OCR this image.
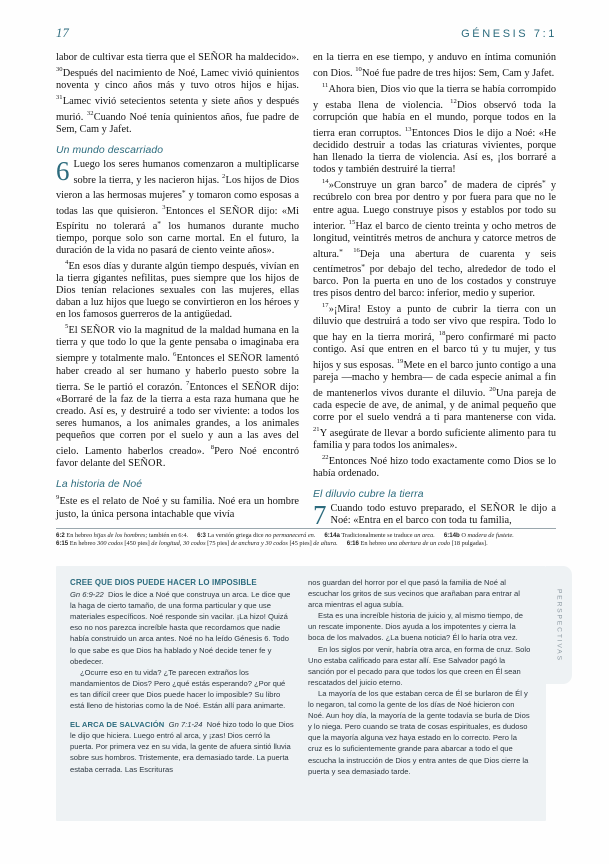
17	GÉNESIS 7:1

labor de cultivar esta tierra que el SEÑOR ha maldecido». $^{30}$Después del nacimiento de Noé, Lamec vivió quinientos noventa y cinco años más y tuvo otros hijos e hijas. $^{31}$Lamec vivió setecientos setenta y siete años y después murió. $^{32}$Cuando Noé tenía quinientos años, fue padre de Sem, Cam y Jafet.

Un mundo descarriado

6 Luego los seres humanos comenzaron a multiplicarse sobre la tierra, y les nacieron hijas. $^2$Los hijos de Dios vieron a las hermosas mujeres* y tomaron como esposas a todas las que quisieron. $^3$Entonces el SEÑOR dijo: «Mi Espíritu no tolerará a* los humanos durante mucho tiempo, porque solo son carne mortal. En el futuro, la duración de la vida no pasará de ciento veinte años».

$^4$En esos días y durante algún tiempo después, vivían en la tierra gigantes nefilitas, pues siempre que los hijos de Dios tenían relaciones sexuales con las mujeres, ellas daban a luz hijos que luego se convirtieron en los héroes y en los famosos guerreros de la antigüedad.

$^5$El SEÑOR vio la magnitud de la maldad humana en la tierra y que todo lo que la gente pensaba o imaginaba era siempre y totalmente malo. $^6$Entonces el SEÑOR lamentó haber creado al ser humano y haberlo puesto sobre la tierra. Se le partió el corazón. $^7$Entonces el SEÑOR dijo: «Borraré de la faz de la tierra a esta raza humana que he creado. Así es, y destruiré a todo ser viviente: a todos los seres humanos, a los animales grandes, a los animales pequeños que corren por el suelo y aun a las aves del cielo. Lamento haberlos creado». $^8$Pero Noé encontró favor delante del SEÑOR.

La historia de Noé

$^9$Este es el relato de Noé y su familia. Noé era un hombre justo, la única persona intachable que vivía

en la tierra en ese tiempo, y anduvo en íntima comunión con Dios. $^{10}$Noé fue padre de tres hijos: Sem, Cam y Jafet.

$^{11}$Ahora bien, Dios vio que la tierra se había corrompido y estaba llena de violencia. $^{12}$Dios observó toda la corrupción que había en el mundo, porque todos en la tierra eran corruptos. $^{13}$Entonces Dios le dijo a Noé: «He decidido destruir a todas las criaturas vivientes, porque han llenado la tierra de violencia. Así es, ¡los borraré a todos y también destruiré la tierra!

$^{14}$»Construye un gran barco* de madera de ciprés* y recúbrelo con brea por dentro y por fuera para que no le entre agua. Luego construye pisos y establos por todo su interior. $^{15}$Haz el barco de ciento treinta y ocho metros de longitud, veintitrés metros de anchura y catorce metros de altura.* $^{16}$Deja una abertura de cuarenta y seis centímetros* por debajo del techo, alrededor de todo el barco. Pon la puerta en uno de los costados y construye tres pisos dentro del barco: inferior, medio y superior.

$^{17}$»¡Mira! Estoy a punto de cubrir la tierra con un diluvio que destruirá a todo ser vivo que respira. Todo lo que hay en la tierra morirá, $^{18}$pero confirmaré mi pacto contigo. Así que entren en el barco tú y tu mujer, y tus hijos y sus esposas. $^{19}$Mete en el barco junto contigo a una pareja —macho y hembra— de cada especie animal a fin de mantenerlos vivos durante el diluvio. $^{20}$Una pareja de cada especie de ave, de animal, y de animal pequeño que corre por el suelo vendrá a ti para mantenerse con vida. $^{21}$Y asegúrate de llevar a bordo suficiente alimento para tu familia y para todos los animales».

$^{22}$Entonces Noé hizo todo exactamente como Dios se lo había ordenado.

El diluvio cubre la tierra

7 Cuando todo estuvo preparado, el SEÑOR le dijo a Noé: «Entra en el barco con toda tu familia,

6:2 En hebreo hijas de los hombres; también en 6:4. 6:3 La versión griega dice no permanecerá en. 6:14a Tradicionalmente se traduce un arca. 6:14b O madera de fustete.
6:15 En hebreo 300 codos [450 pies] de longitud, 30 codos [75 pies] de anchura y 30 codos [45 pies] de altura. 6:16 En hebreo una abertura de un codo [18 pulgadas].
PERSPECTIVAS
CREE QUE DIOS PUEDE HACER LO IMPOSIBLE

Gn 6:9-22 Dios le dice a Noé que construya un arca. Le dice que la haga de cierto tamaño, de una forma particular y que use materiales específicos. Noé responde sin vacilar. ¡La hizo! Quizá eso no nos parezca increíble hasta que recordamos que nadie había construido un arca antes. Noé no ha leído Génesis 6. Todo lo que sabe es que Dios ha hablado y Noé decide tener fe y obedecer.

¿Ocurre eso en tu vida? ¿Te parecen extraños los mandamientos de Dios? Pero ¿qué estás esperando? ¿Por qué es tan difícil creer que Dios puede hacer lo imposible? Su libro está lleno de historias como la de Noé. Están allí para animarte.

EL ARCA DE SALVACIÓN Gn 7:1-24 Noé hizo todo lo que Dios le dijo que hiciera. Luego entró al arca, y ¡zas! Dios cerró la puerta. Por primera vez en su vida, la gente de afuera sintió lluvia sobre sus hombros. Tristemente, era demasiado tarde. La puerta estaba cerrada. Las Escrituras

nos guardan del horror por el que pasó la familia de Noé al escuchar los gritos de sus vecinos que arañaban para entrar al arca mientras el agua subía.

Esta es una increíble historia de juicio y, al mismo tiempo, de un rescate imponente. Dios ayuda a los impotentes y cierra la boca de los malvados. ¿La buena noticia? Él lo haría otra vez.

En los siglos por venir, habría otra arca, en forma de cruz. Solo Uno estaba calificado para estar allí. Ese Salvador pagó la sanción por el pecado para que todos los que creen en Él sean rescatados del juicio eterno.

La mayoría de los que estaban cerca de Él se burlaron de Él y lo negaron, tal como la gente de los días de Noé hicieron con Noé. Aun hoy día, la mayoría de la gente todavía se burla de Dios y lo niega. Pero cuando se trata de cosas espirituales, es dudoso que la mayoría alguna vez haya estado en lo correcto. Pero la cruz es lo suficientemente grande para abarcar a todo el que escucha la instrucción de Dios y entra antes de que Dios cierre la puerta y sea demasiado tarde.
